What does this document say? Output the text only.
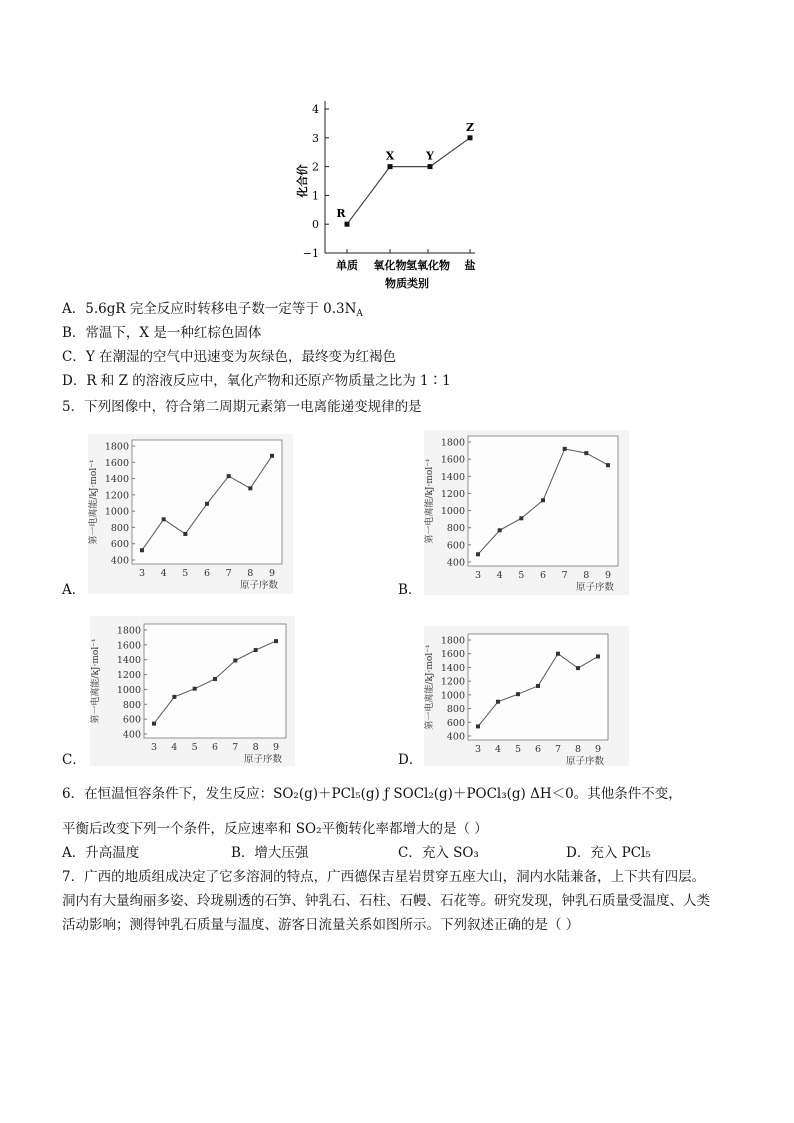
4
3
2
1
0
−1
单质 氧化物 氢氧化物 盐
R
X	Y
Z
化合价
物质类别
A．5.6gR 完全反应时转移电子数一定等于 $0.3N_A$
B．常温下，X 是一种红棕色固体
C．Y 在潮湿的空气中迅速变为灰绿色，最终变为红褐色
D．R 和 Z 的溶液反应中，氧化产物和还原产物质量之比为 1∶1
5．下列图像中，符合第二周期元素第一电离能递变规律的是
1800
1600
1400
1200
1000
800
600
400
3 4 5 6 7 8 9
第一电离能/kJ·mol⁻¹
原子序数
A．
1800
1600
1400
1200
1000
800
600
400
3 4 5 6 7 8 9
第一电离能/kJ·mol⁻¹
原子序数
B．
1800
1600
1400
1200
1000
800
600
400
3 4 5 6 7 8 9
第一电离能/kJ·mol⁻¹
原子序数
C．
1800
1600
1400
1200
1000
800
600
400
3 4 5 6 7 8 9
第一电离能/kJ·mol⁻¹
原子序数
D．
6．在恒温恒容条件下，发生反应：SO₂(g)＋PCl₅(g) ƒ SOCl₂(g)＋POCl₃(g) ΔH＜0。其他条件不变，
平衡后改变下列一个条件，反应速率和 SO₂平衡转化率都增大的是（ ）
A．升高温度	B．增大压强	C．充入 SO₃	D．充入 PCl₅
7．广西的地质组成决定了它多溶洞的特点，广西德保吉星岩贯穿五座大山，洞内水陆兼备，上下共有四层。
洞内有大量绚丽多姿、玲珑剔透的石笋、钟乳石、石柱、石幔、石花等。研究发现，钟乳石质量受温度、人类
活动影响；测得钟乳石质量与温度、游客日流量关系如图所示。下列叙述正确的是（ ）
